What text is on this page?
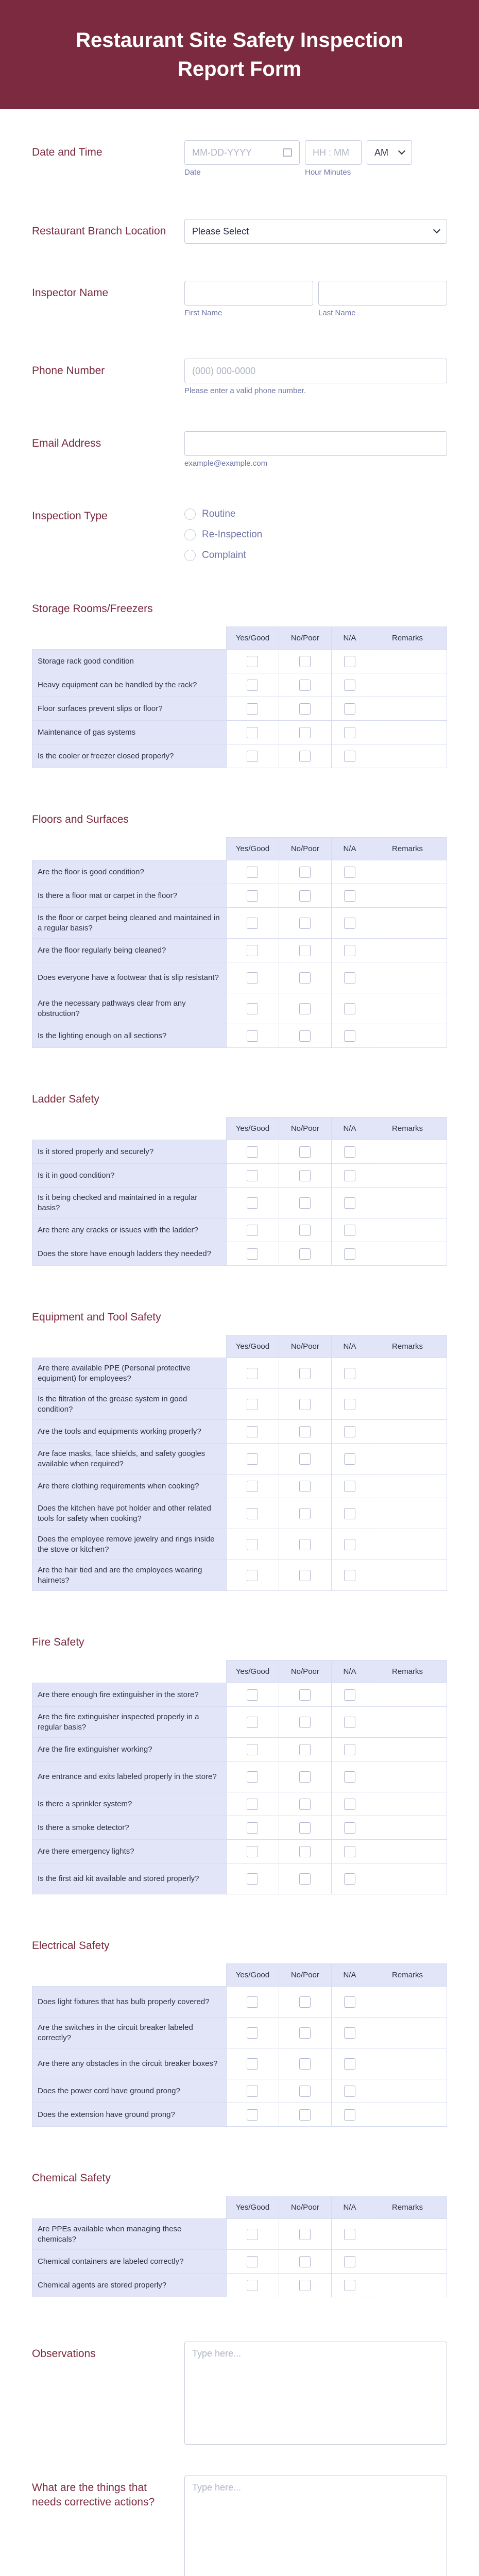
Restaurant Site Safety Inspection Report Form
Date and Time	MM-DD-YYYY
Date
HH : MM
Hour Minutes
AM
Restaurant Branch Location	Please Select
Inspector Name
First Name	Last Name
Phone Number	(000) 000-0000
Please enter a valid phone number.
Email Address
example@example.com
Inspection Type	Routine
Re-Inspection
Complaint
Storage Rooms/Freezers
	Yes/Good	No/Poor	N/A	Remarks
Storage rack good condition				
Heavy equipment can be handled by the rack?				
Floor surfaces prevent slips or floor?				
Maintenance of gas systems				
Is the cooler or freezer closed properly?				
Floors and Surfaces
	Yes/Good	No/Poor	N/A	Remarks
Are the floor is good condition?				
Is there a floor mat or carpet in the floor?				
Is the floor or carpet being cleaned and maintained in a regular basis?				
Are the floor regularly being cleaned?				
Does everyone have a footwear that is slip resistant?				
Are the necessary pathways clear from any obstruction?				
Is the lighting enough on all sections?				
Ladder Safety
	Yes/Good	No/Poor	N/A	Remarks
Is it stored properly and securely?				
Is it in good condition?				
Is it being checked and maintained in a regular basis?				
Are there any cracks or issues with the ladder?				
Does the store have enough ladders they needed?				
Equipment and Tool Safety
	Yes/Good	No/Poor	N/A	Remarks
Are there available PPE (Personal protective equipment) for employees?				
Is the filtration of the grease system in good condition?				
Are the tools and equipments working properly?				
Are face masks, face shields, and safety googles available when required?				
Are there clothing requirements when cooking?				
Does the kitchen have pot holder and other related tools for safety when cooking?				
Does the employee remove jewelry and rings inside the stove or kitchen?				
Are the hair tied and are the employees wearing hairnets?				
Fire Safety
	Yes/Good	No/Poor	N/A	Remarks
Are there enough fire extinguisher in the store?				
Are the fire extinguisher inspected properly in a regular basis?				
Are the fire extinguisher working?				
Are entrance and exits labeled properly in the store?				
Is there a sprinkler system?				
Is there a smoke detector?				
Are there emergency lights?				
Is the first aid kit available and stored properly?				
Electrical Safety
	Yes/Good	No/Poor	N/A	Remarks
Does light fixtures that has bulb properly covered?				
Are the switches in the circuit breaker labeled correctly?				
Are there any obstacles in the circuit breaker boxes?				
Does the power cord have ground prong?				
Does the extension have ground prong?				
Chemical Safety
	Yes/Good	No/Poor	N/A	Remarks
Are PPEs available when managing these chemicals?				
Chemical containers are labeled correctly?				
Chemical agents are stored properly?				
Observations	Type here...
What are the things that needs corrective actions?
Type here...
